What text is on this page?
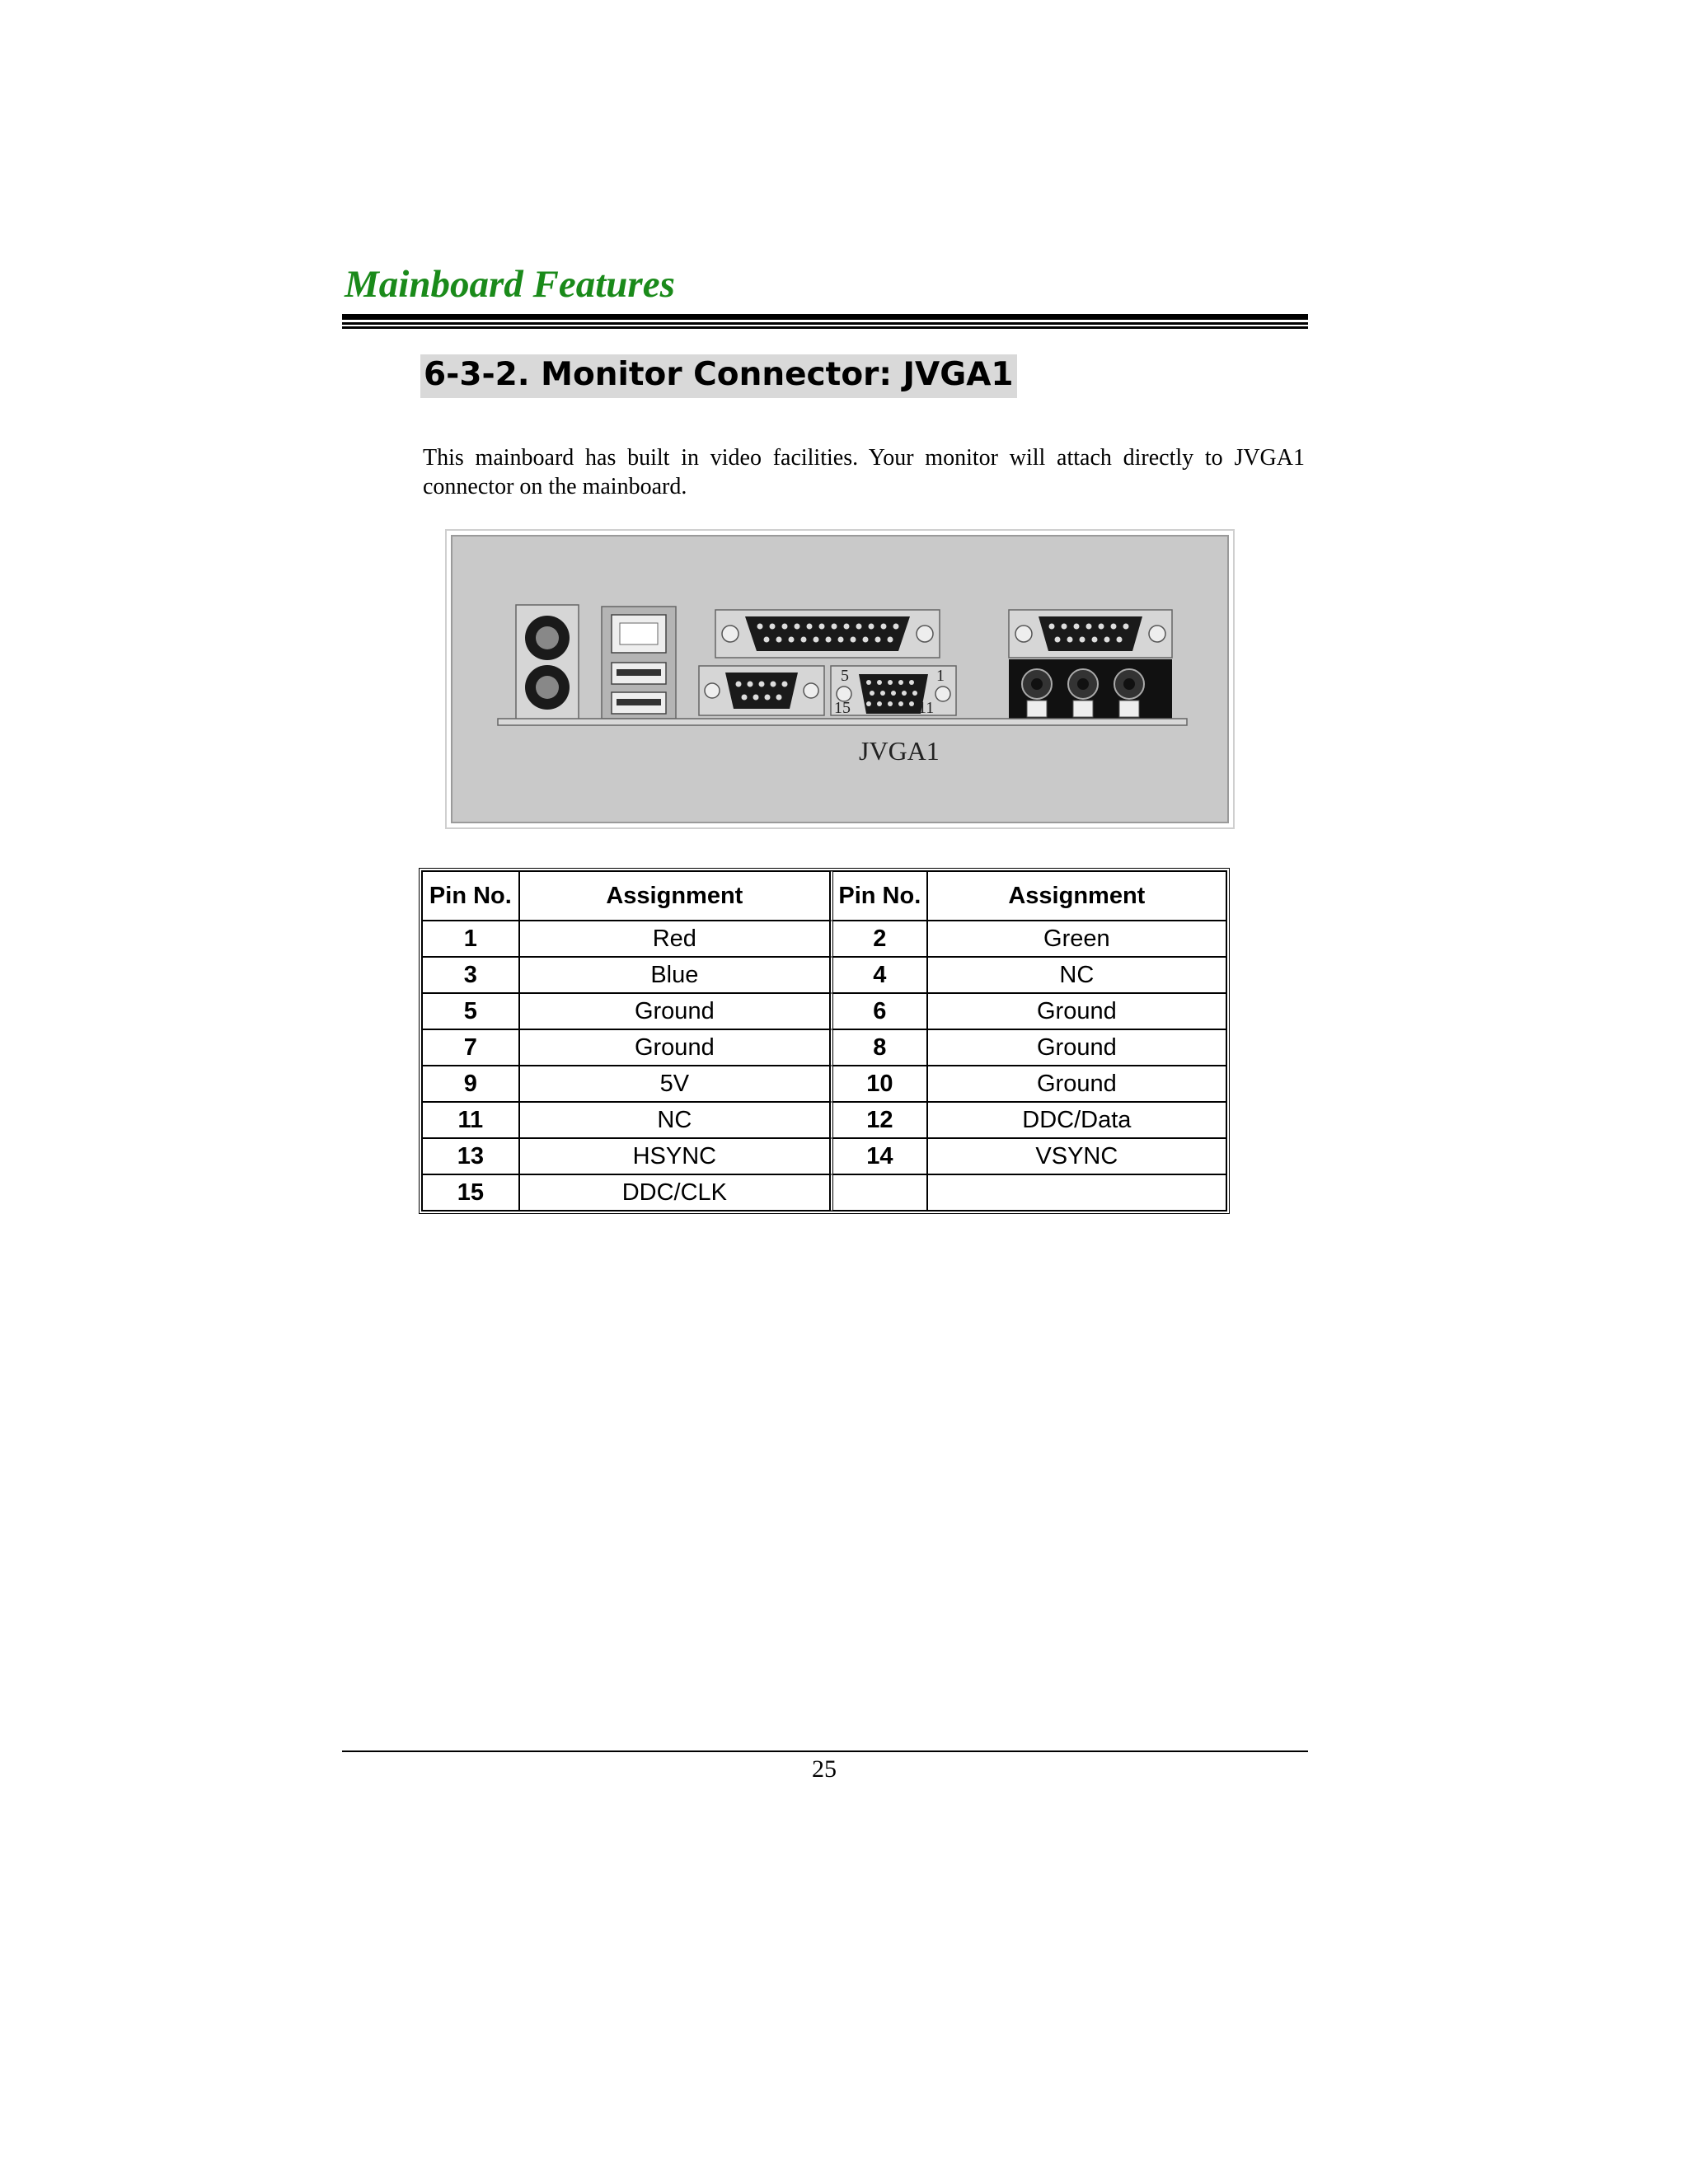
Mainboard Features
6-3-2. Monitor Connector: JVGA1
This mainboard has built in video facilities. Your monitor will attach directly to JVGA1 connector on the mainboard.
5	1
15	11
JVGA1
Pin No.	Assignment	Pin No.	Assignment
1	Red	2	Green
3	Blue	4	NC
5	Ground	6	Ground
7	Ground	8	Ground
9	5V	10	Ground
11	NC	12	DDC/Data
13	HSYNC	14	VSYNC
15	DDC/CLK		
25
